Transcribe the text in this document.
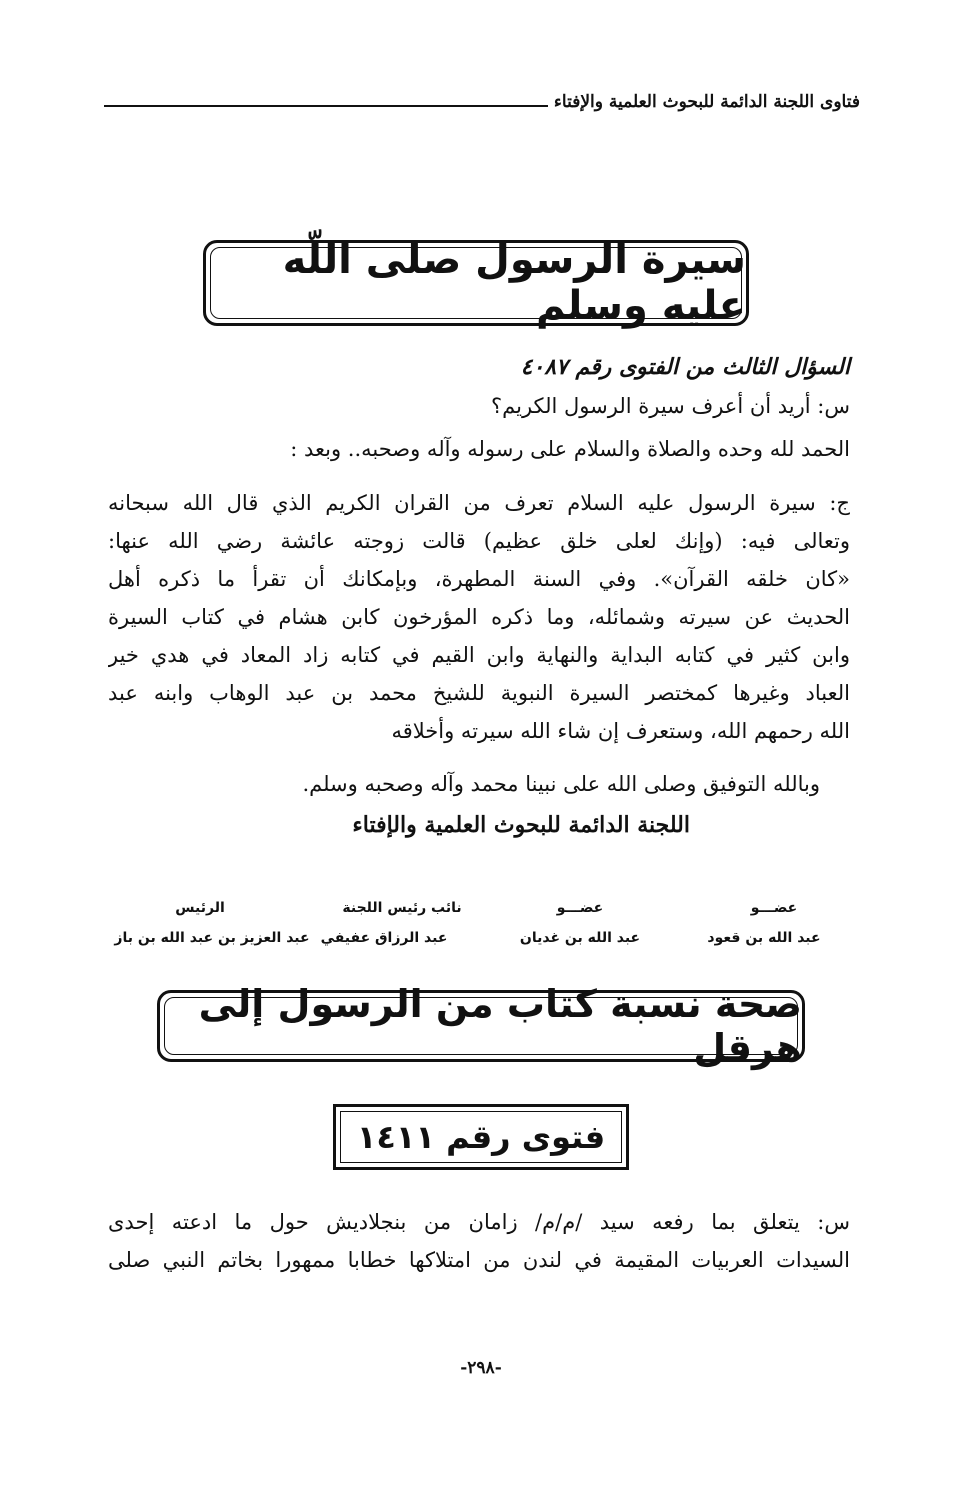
فتاوى اللجنة الدائمة للبحوث العلمية والإفتاء
سيرة الرسول صلى اللّه عليه وسلم
السؤال الثالث من الفتوى رقم ٤٠٨٧
س: أريد أن أعرف سيرة الرسول الكريم؟
الحمد لله وحده والصلاة والسلام على رسوله وآله وصحبه.. وبعد :
ج: سيرة الرسول عليه السلام تعرف من القران الكريم الذي قال الله سبحانه
وتعالى فيه: (وإنك لعلى خلق عظيم) قالت زوجته عائشة رضي الله عنها:
«كان خلقه القرآن». وفي السنة المطهرة، وبإمكانك أن تقرأ ما ذكره أهل
الحديث عن سيرته وشمائله، وما ذكره المؤرخون كابن هشام في كتاب السيرة
وابن كثير في كتابه البداية والنهاية وابن القيم في كتابه زاد المعاد في هدي خير
العباد وغيرها كمختصر السيرة النبوية للشيخ محمد بن عبد الوهاب وابنه عبد
الله رحمهم الله، وستعرف إن شاء الله سيرته وأخلاقه
وبالله التوفيق وصلى الله على نبينا محمد وآله وصحبه وسلم.
اللجنة الدائمة للبحوث العلمية والإفتاء
عضـــو
عبد الله بن قعود
عضـــو
عبد الله بن غديان
نائب رئيس اللجنة
عبد الرزاق عفيفي
الرئيس
عبد العزيز بن عبد الله بن باز
صحة نسبة كتاب من الرسول إلى هرقل
فتوى رقم ١٤١١
س: يتعلق بما رفعه سيد /م/م/ زامان من بنجلاديش حول ما ادعته إحدى
السيدات العربيات المقيمة في لندن من امتلاكها خطابا ممهورا بخاتم النبي صلى
-٢٩٨-
